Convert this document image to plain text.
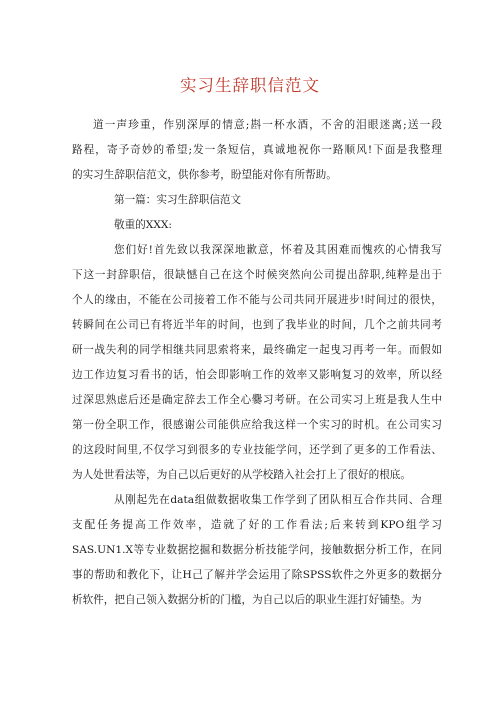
实习生辞职信范文
道一声珍重，作别深厚的情意;斟一杯水酒，不舍的泪眼迷离;送一段
路程，寄予奇妙的希望;发一条短信，真诚地祝你一路顺风!下面是我整理
的实习生辞职信范文，供你参考，盼望能对你有所帮助。
第一篇：实习生辞职信范文
敬重的XXX:
您们好!首先致以我深深地歉意，怀着及其困难而愧疚的心情我写
下这一封辞职信，很缺憾自己在这个时候突然向公司提出辞职,纯粹是出于
个人的缘由，不能在公司接着工作不能与公司共同开展进步!时间过的很快，
转瞬间在公司已有将近半年的时间，也到了我毕业的时间，几个之前共同考
研一战失利的同学相继共同思索将来，最终确定一起曳习再考一年。而假如
边工作边复习看书的话，怕会即影响工作的效率又影响复习的效率，所以经
过深思熟虑后还是确定辞去工作全心爨习考研。在公司实习上班是我人生中
第一份全职工作，很感谢公司能供应给我这样一个实习的时机。在公司实习
的这段时间里,不仅学习到很多的专业技能学问，还学到了更多的工作看法、
为人处世看法等，为自己以后更好的从学校踏入社会打上了很好的根底。
从刚起先在data组做数据收集工作学到了团队相互合作共同、合理
支配任务提高工作效率，造就了好的工作看法;后来转到KPO组学习
SAS.UN1.X等专业数据挖掘和数据分析技能学问，接触数据分析工作，在同
事的帮助和教化下，让H己了解并学会运用了除SPSS软件之外更多的数据分
析软件，把自己领入数据分析的门槛，为自己以后的职业生涯打好铺垫。为
